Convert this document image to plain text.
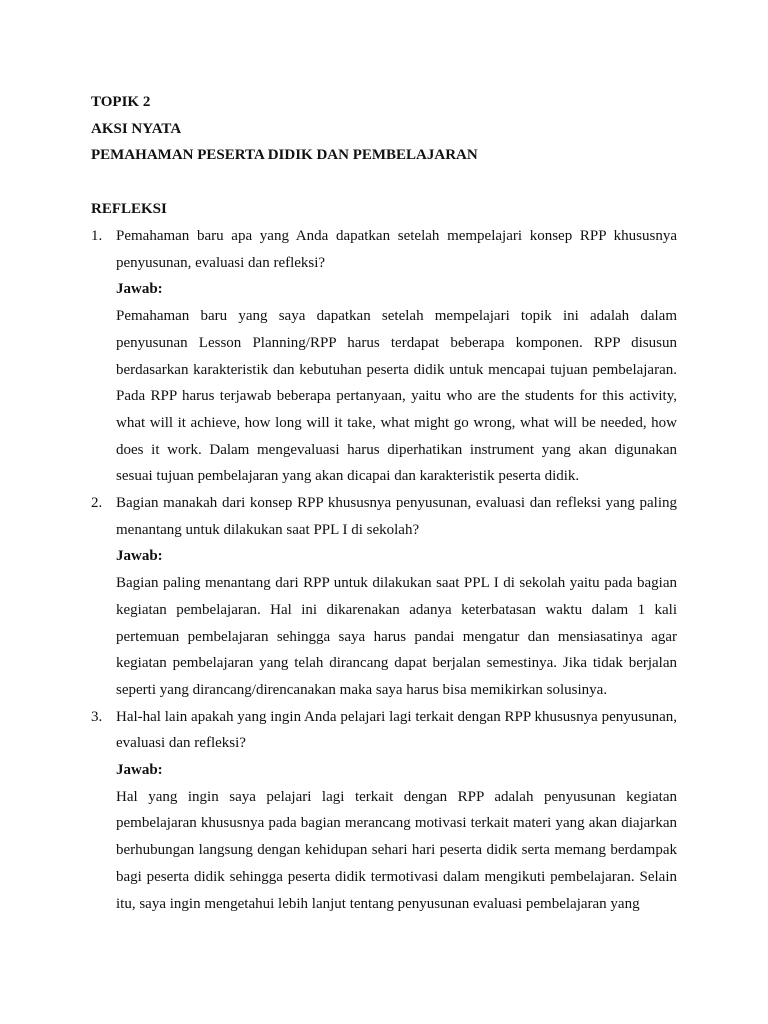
TOPIK 2
AKSI NYATA
PEMAHAMAN PESERTA DIDIK DAN PEMBELAJARAN
REFLEKSI
1. Pemahaman baru apa yang Anda dapatkan setelah mempelajari konsep RPP khususnya penyusunan, evaluasi dan refleksi?
Jawab:
Pemahaman baru yang saya dapatkan setelah mempelajari topik ini adalah dalam penyusunan Lesson Planning/RPP harus terdapat beberapa komponen. RPP disusun berdasarkan karakteristik dan kebutuhan peserta didik untuk mencapai tujuan pembelajaran. Pada RPP harus terjawab beberapa pertanyaan, yaitu who are the students for this activity, what will it achieve, how long will it take, what might go wrong, what will be needed, how does it work. Dalam mengevaluasi harus diperhatikan instrument yang akan digunakan sesuai tujuan pembelajaran yang akan dicapai dan karakteristik peserta didik.
2. Bagian manakah dari konsep RPP khususnya penyusunan, evaluasi dan refleksi yang paling menantang untuk dilakukan saat PPL I di sekolah?
Jawab:
Bagian paling menantang dari RPP untuk dilakukan saat PPL I di sekolah yaitu pada bagian kegiatan pembelajaran. Hal ini dikarenakan adanya keterbatasan waktu dalam 1 kali pertemuan pembelajaran sehingga saya harus pandai mengatur dan mensiasatinya agar kegiatan pembelajaran yang telah dirancang dapat berjalan semestinya. Jika tidak berjalan seperti yang dirancang/direncanakan maka saya harus bisa memikirkan solusinya.
3. Hal-hal lain apakah yang ingin Anda pelajari lagi terkait dengan RPP khususnya penyusunan, evaluasi dan refleksi?
Jawab:
Hal yang ingin saya pelajari lagi terkait dengan RPP adalah penyusunan kegiatan pembelajaran khususnya pada bagian merancang motivasi terkait materi yang akan diajarkan berhubungan langsung dengan kehidupan sehari hari peserta didik serta memang berdampak bagi peserta didik sehingga peserta didik termotivasi dalam mengikuti pembelajaran. Selain itu, saya ingin mengetahui lebih lanjut tentang penyusunan evaluasi pembelajaran yang
